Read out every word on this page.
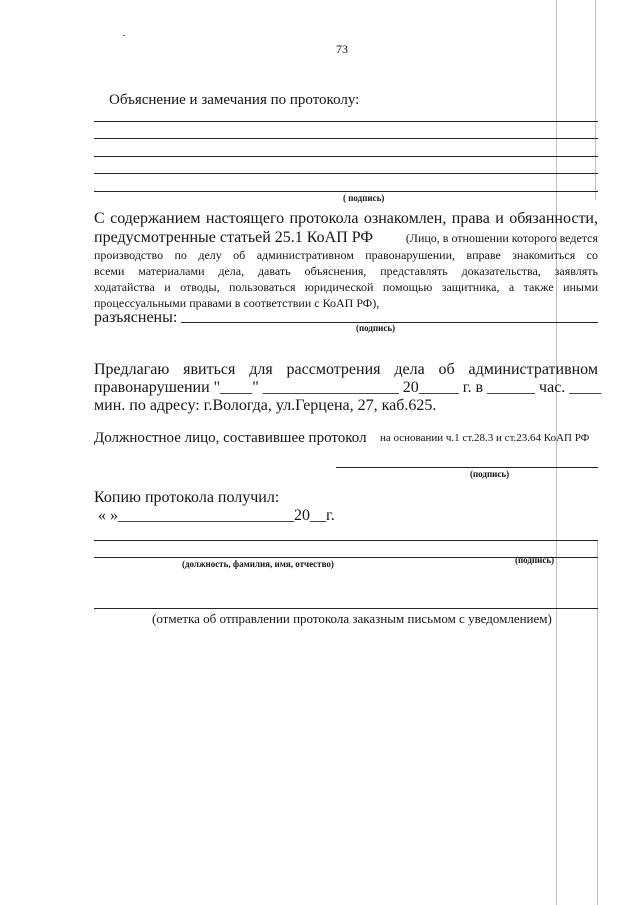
73
Объяснение и замечания по протоколу:
( подпись)
С содержанием настоящего протокола ознакомлен, права и обязанности,
предусмотренные статьей 25.1 КоАП РФ	(Лицо, в отношении которого ведется
производство по делу об административном правонарушении, вправе знакомиться со
всеми материалами дела, давать объяснения, представлять доказательства, заявлять
ходатайства и отводы, пользоваться юридической помощью защитника, а также иными
процессуальными правами в соответствии с КоАП РФ),
разъяснены:
(подпись)
Предлагаю явиться для рассмотрения дела об административном
правонарушении "____" _________________ 20_____ г. в ______ час. ____
мин. по адресу: г.Вологда, ул.Герцена, 27, каб.625.
Должностное лицо, составившее протокол на основании ч.1 ст.28.3 и ст.23.64 КоАП РФ
(подпись)
Копию протокола получил:
« »______________________20__г.
(должность, фамилия, имя, отчество)	(подпись)
(отметка об отправлении протокола заказным письмом с уведомлением)
